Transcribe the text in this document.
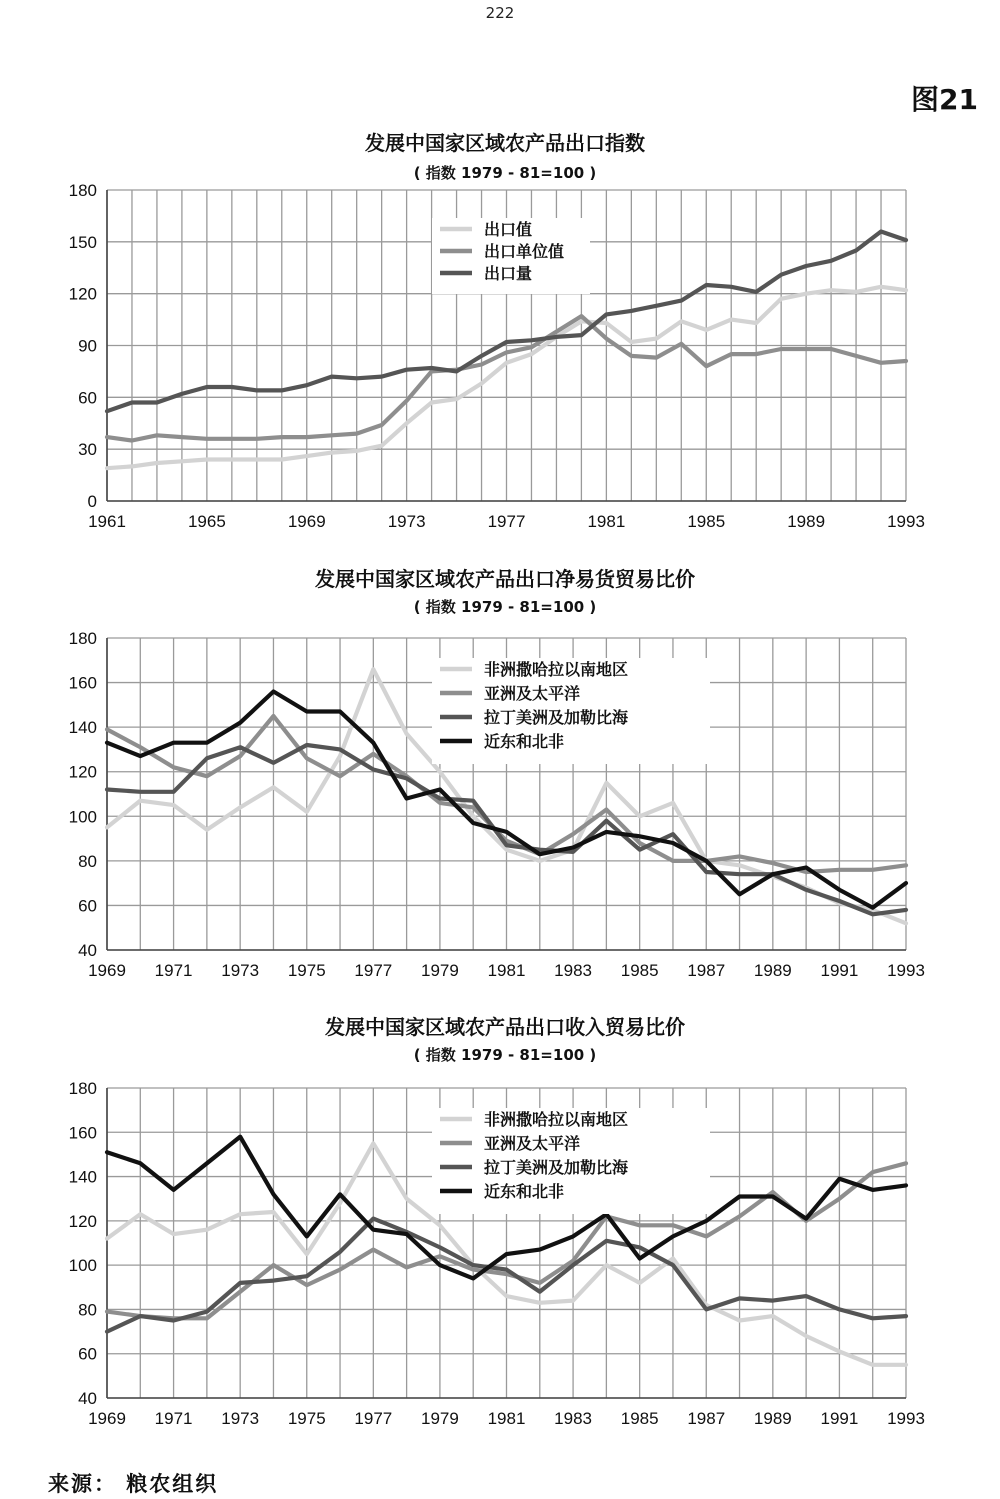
222
图21
发展中国家区域农产品出口指数
( 指数 1979 - 81=100 )
0
30
60
90
120
150
180
1961	1965	1969	1973	1977	1981	1985	1989	1993
出口值
出口单位值
出口量
发展中国家区域农产品出口净易货贸易比价
( 指数 1979 - 81=100 )
40
60
80
100
120
140
160
180
1969 1971 1973 1975 1977 1979 1981 1983 1985 1987 1989 1991 1993
非洲撒哈拉以南地区
亚洲及太平洋
拉丁美洲及加勒比海
近东和北非
发展中国家区域农产品出口收入贸易比价
( 指数 1979 - 81=100 )
40
60
80
100
120
140
160
180
1969 1971 1973 1975 1977 1979 1981 1983 1985 1987 1989 1991 1993
非洲撒哈拉以南地区
亚洲及太平洋
拉丁美洲及加勒比海
近东和北非
来源： 粮农组织
